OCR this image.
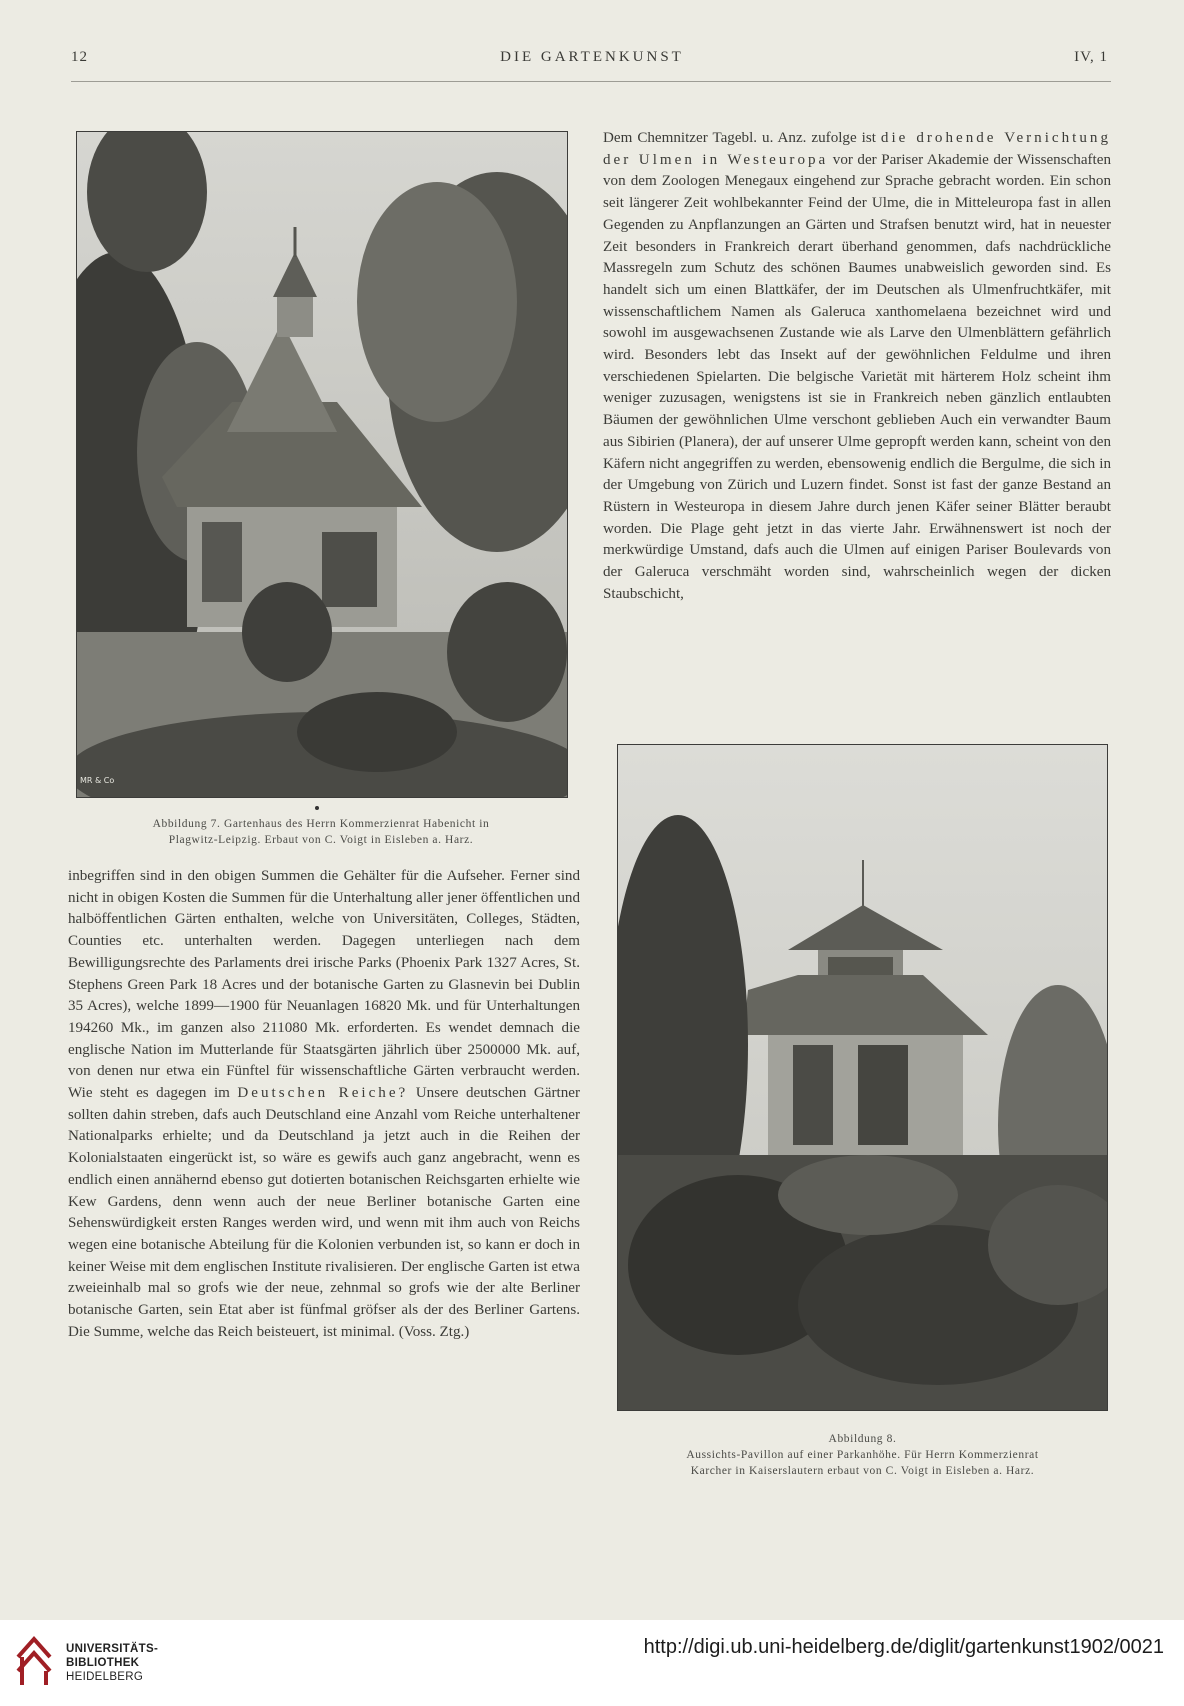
DIE GARTENKUNST
12	IV, 1
MR & Co
Abbildung 7. Gartenhaus des Herrn Kommerzienrat Habenicht in
Plagwitz-Leipzig. Erbaut von C. Voigt in Eisleben a. Harz.

Dem Chemnitzer Tagebl. u. Anz. zufolge ist die drohende Vernichtung der Ulmen in Westeuropa vor der Pariser Akademie der Wissenschaften von dem Zoologen Menegaux eingehend zur Sprache gebracht worden. Ein schon seit längerer Zeit wohlbekannter Feind der Ulme, die in Mitteleuropa fast in allen Gegenden zu Anpflanzungen an Gärten und Strafsen benutzt wird, hat in neuester Zeit besonders in Frankreich derart überhand genommen, dafs nachdrückliche Massregeln zum Schutz des schönen Baumes unabweislich geworden sind. Es handelt sich um einen Blattkäfer, der im Deutschen als Ulmenfruchtkäfer, mit wissenschaftlichem Namen als Galeruca xanthomelaena bezeichnet wird und sowohl im ausgewachsenen Zustande wie als Larve den Ulmenblättern gefährlich wird. Besonders lebt das Insekt auf der gewöhnlichen Feldulme und ihren verschiedenen Spielarten. Die belgische Varietät mit härterem Holz scheint ihm weniger zuzusagen, wenigstens ist sie in Frankreich neben gänzlich entlaubten Bäumen der gewöhnlichen Ulme verschont geblieben Auch ein verwandter Baum aus Sibirien (Planera), der auf unserer Ulme gepropft werden kann, scheint von den Käfern nicht angegriffen zu werden, ebensowenig endlich die Bergulme, die sich in der Umgebung von Zürich und Luzern findet. Sonst ist fast der ganze Bestand an Rüstern in Westeuropa in diesem Jahre durch jenen Käfer seiner Blätter beraubt worden. Die Plage geht jetzt in das vierte Jahr. Erwähnenswert ist noch der merkwürdige Umstand, dafs auch die Ulmen auf einigen Pariser Boulevards von der Galeruca verschmäht worden sind, wahrscheinlich wegen der dicken Staubschicht,

Abbildung 8.
Aussichts-Pavillon auf einer Parkanhöhe. Für Herrn Kommerzienrat
Karcher in Kaiserslautern erbaut von C. Voigt in Eisleben a. Harz.

inbegriffen sind in den obigen Summen die Gehälter für die Aufseher. Ferner sind nicht in obigen Kosten die Summen für die Unterhaltung aller jener öffentlichen und halböffentlichen Gärten enthalten, welche von Universitäten, Colleges, Städten, Counties etc. unterhalten werden. Dagegen unterliegen nach dem Bewilligungsrechte des Parlaments drei irische Parks (Phoenix Park 1327 Acres, St. Stephens Green Park 18 Acres und der botanische Garten zu Glasnevin bei Dublin 35 Acres), welche 1899—1900 für Neuanlagen 16820 Mk. und für Unterhaltungen 194260 Mk., im ganzen also 211080 Mk. erforderten. Es wendet demnach die englische Nation im Mutterlande für Staatsgärten jährlich über 2500000 Mk. auf, von denen nur etwa ein Fünftel für wissenschaftliche Gärten verbraucht werden. Wie steht es dagegen im Deutschen Reiche? Unsere deutschen Gärtner sollten dahin streben, dafs auch Deutschland eine Anzahl vom Reiche unterhaltener Nationalparks erhielte; und da Deutschland ja jetzt auch in die Reihen der Kolonialstaaten eingerückt ist, so wäre es gewifs auch ganz angebracht, wenn es endlich einen annähernd ebenso gut dotierten botanischen Reichsgarten erhielte wie Kew Gardens, denn wenn auch der neue Berliner botanische Garten eine Sehenswürdigkeit ersten Ranges werden wird, und wenn mit ihm auch von Reichs wegen eine botanische Abteilung für die Kolonien verbunden ist, so kann er doch in keiner Weise mit dem englischen Institute rivalisieren. Der englische Garten ist etwa zweieinhalb mal so grofs wie der neue, zehnmal so grofs wie der alte Berliner botanische Garten, sein Etat aber ist fünfmal gröfser als der des Berliner Gartens. Die Summe, welche das Reich beisteuert, ist minimal. (Voss. Ztg.)

UNIVERSITÄTS-
BIBLIOTHEK
HEIDELBERG
http://digi.ub.uni-heidelberg.de/diglit/gartenkunst1902/0021
